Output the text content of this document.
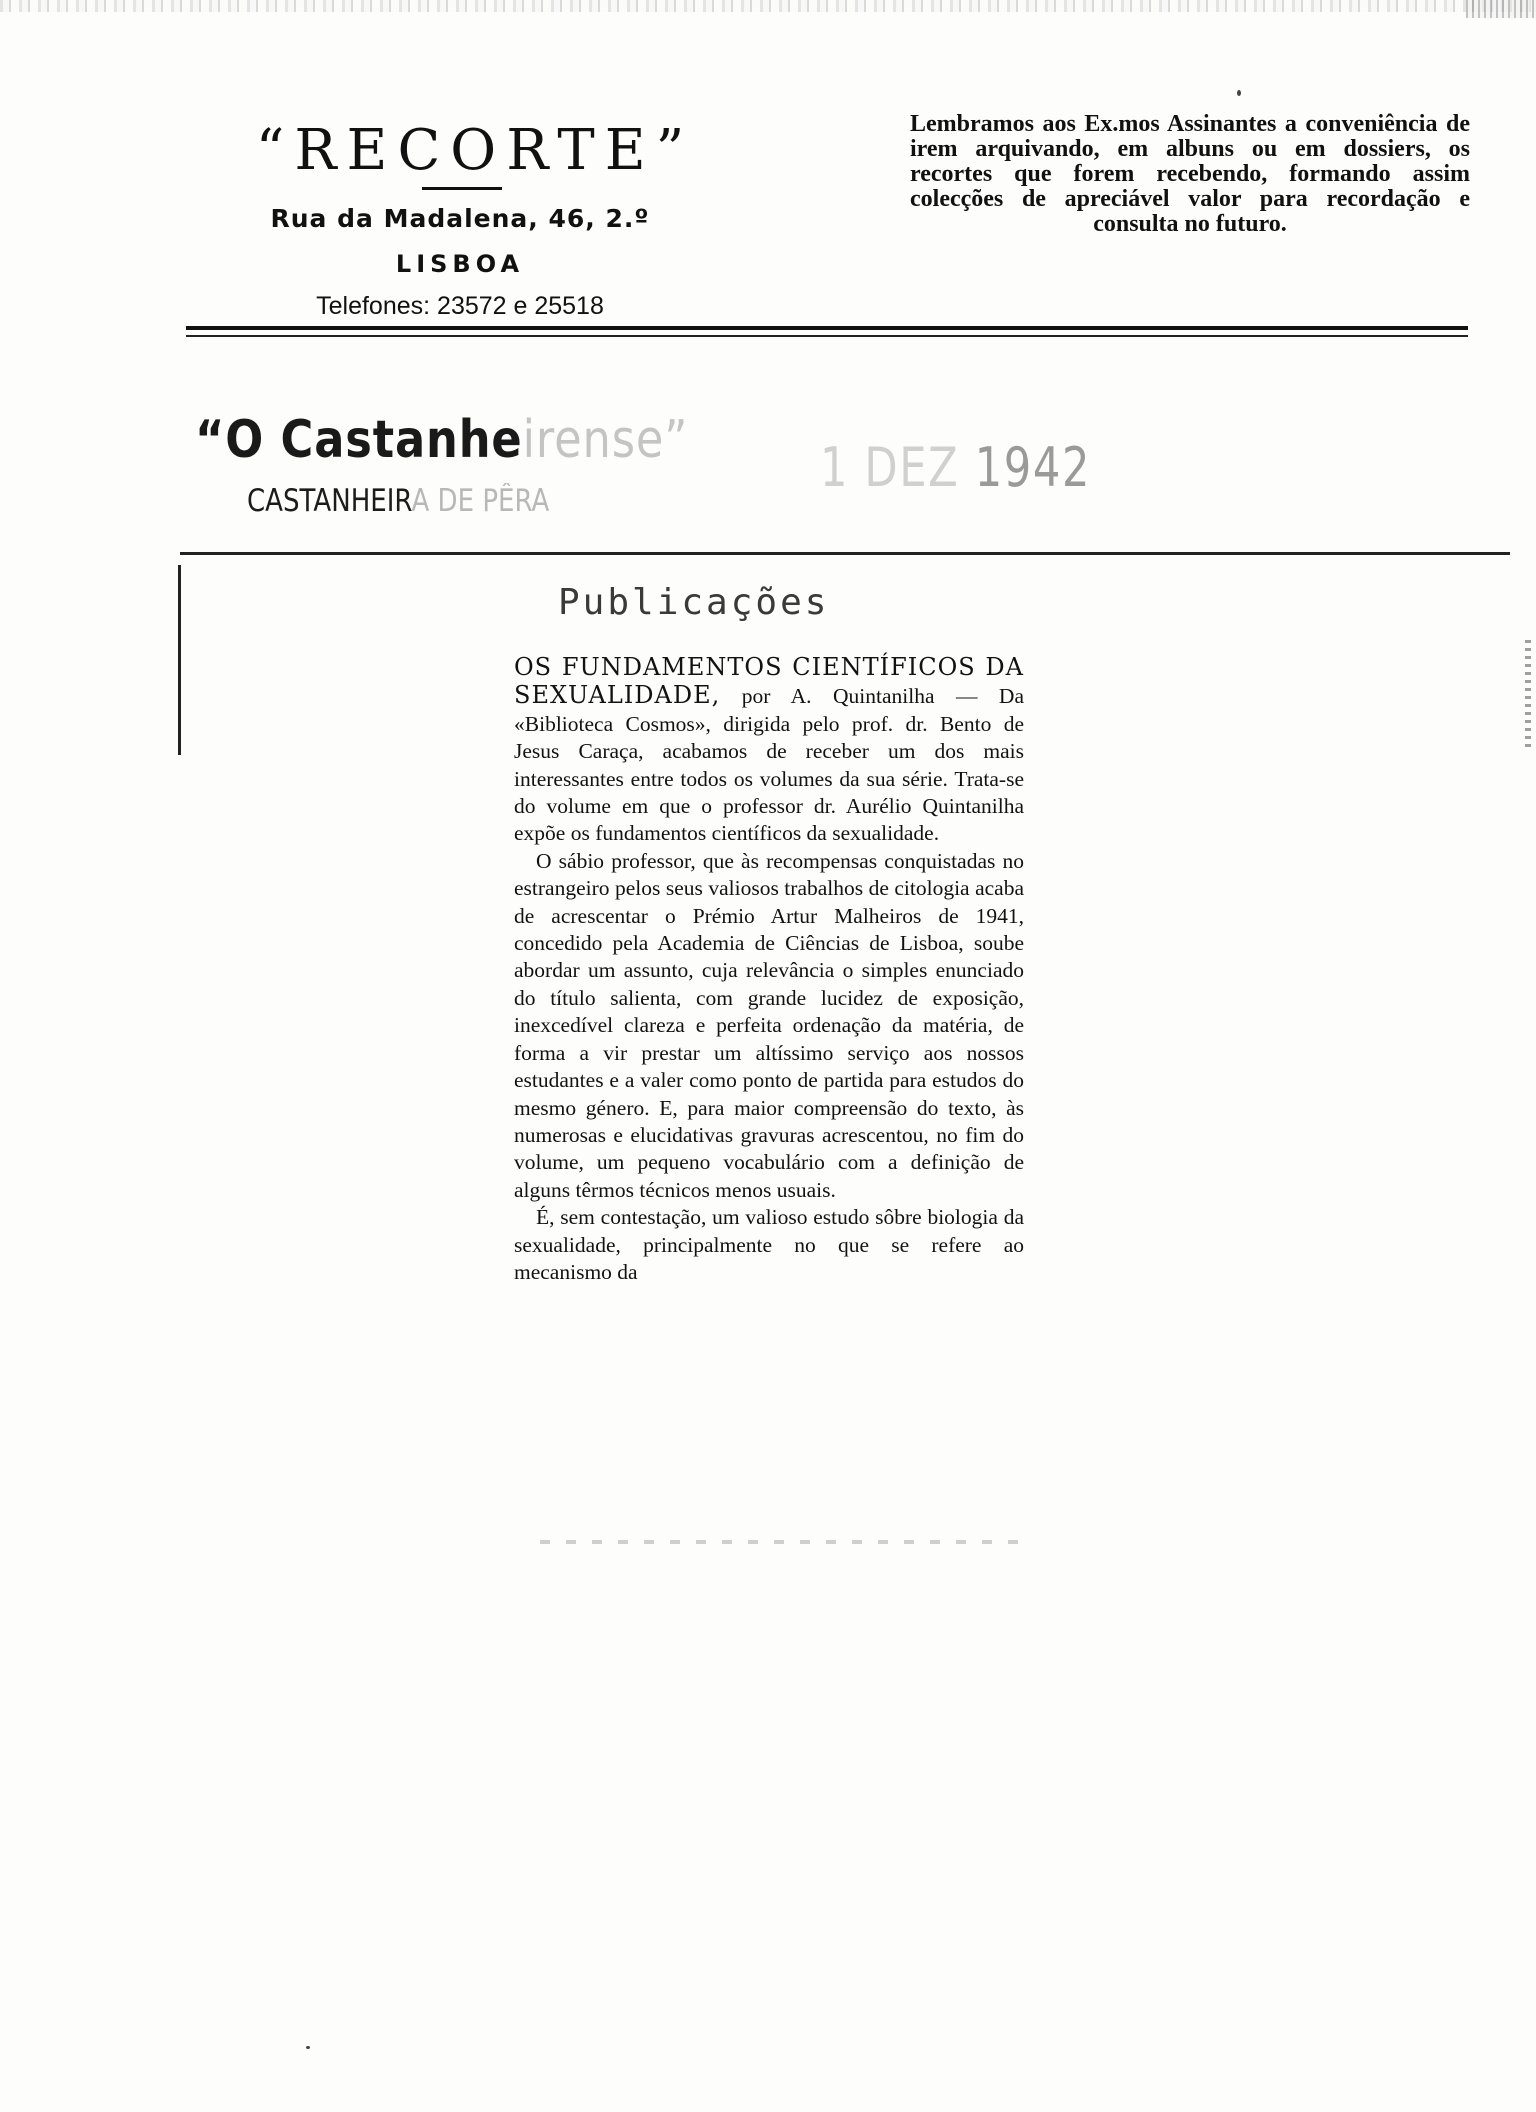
“RECORTE”
Rua da Madalena, 46, 2.º
LISBOA
Telefones: 23572 e 25518
Lembramos aos Ex.mos Assinantes a conveniência de irem arquivando, em albuns ou em dossiers, os recortes que forem recebendo, formando assim colecções de apreciável valor para recordação e consulta no futuro.
“O Castanheirense”
CASTANHEIRA DE PÊRA
1 DEZ 1942
Publicações

OS FUNDAMENTOS CIENTÍFICOS DA SEXUALIDADE, por A. Quintanilha — Da «Biblioteca Cosmos», dirigida pelo prof. dr. Bento de Jesus Caraça, acabamos de receber um dos mais interessantes entre todos os volumes da sua série. Trata-se do volume em que o professor dr. Aurélio Quintanilha expõe os fundamentos científicos da sexualidade.

O sábio professor, que às recompensas conquistadas no estrangeiro pelos seus valiosos trabalhos de citologia acaba de acrescentar o Prémio Artur Malheiros de 1941, concedido pela Academia de Ciências de Lisboa, soube abordar um assunto, cuja relevância o simples enunciado do título salienta, com grande lucidez de exposição, inexcedível clareza e perfeita ordenação da matéria, de forma a vir prestar um altíssimo serviço aos nossos estudantes e a valer como ponto de partida para estudos do mesmo género. E, para maior compreensão do texto, às numerosas e elucidativas gravuras acrescentou, no fim do volume, um pequeno vocabulário com a definição de alguns têrmos técnicos menos usuais.

É, sem contestação, um valioso estudo sôbre biologia da sexualidade, principalmente no que se refere ao mecanismo da
